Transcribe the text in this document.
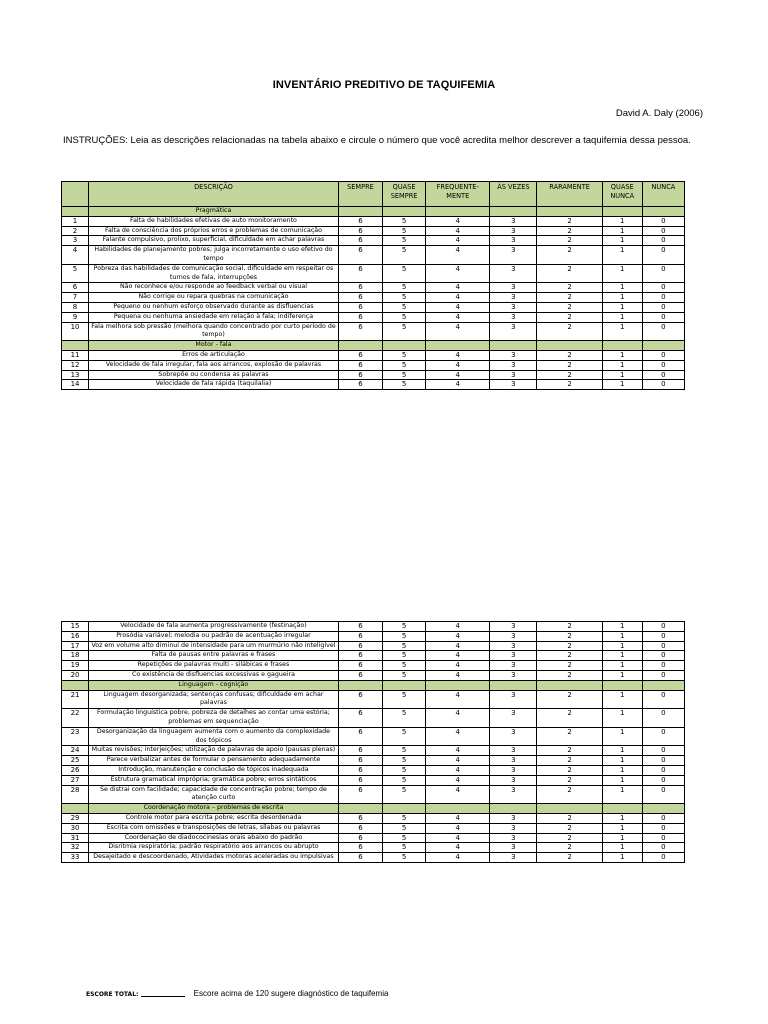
INVENTÁRIO PREDITIVO DE TAQUIFEMIA
David A. Daly (2006)
INSTRUÇÕES: Leia as descrições relacionadas na tabela abaixo e circule o número que você acredita melhor descrever a taquifemia dessa pessoa.
	DESCRIÇÃO	SEMPRE	QUASE SEMPRE	FREQUENTE-MENTE	ÀS VEZES	RARAMENTE	QUASE NUNCA	NUNCA
	Pragmática							
1	Falta de habilidades efetivas de auto monitoramento	6	5	4	3	2	1	0
2	Falta de consciência dos próprios erros e problemas de comunicação	6	5	4	3	2	1	0
3	Falante compulsivo, prolixo, superficial, dificuldade em achar palavras	6	5	4	3	2	1	0
4	Habilidades de planejamento pobres; julga incorretamente o uso efetivo do tempo	6	5	4	3	2	1	0
5	Pobreza das habilidades de comunicação social, dificuldade em respeitar os turnos de fala, interrupções	6	5	4	3	2	1	0
6	Não reconhece e/ou responde ao feedback verbal ou visual	6	5	4	3	2	1	0
7	Não corrige ou repara quebras na comunicação	6	5	4	3	2	1	0
8	Pequeno ou nenhum esforço observado durante as disfluencias	6	5	4	3	2	1	0
9	Pequena ou nenhuma ansiedade em relação à fala; indiferença	6	5	4	3	2	1	0
10	Fala melhora sob pressão (melhora quando concentrado por curto período de tempo)	6	5	4	3	2	1	0
	Motor - fala							
11	Erros de articulação	6	5	4	3	2	1	0
12	Velocidade de fala irregular, fala aos arrancos, explosão de palavras	6	5	4	3	2	1	0
13	Sobrepõe ou condensa as palavras	6	5	4	3	2	1	0
14	Velocidade de fala rápida (taquilalia)	6	5	4	3	2	1	0
15	Velocidade de fala aumenta progressivamente (festinação)	6	5	4	3	2	1	0
16	Prosódia variável; melodia ou padrão de acentuação irregular	6	5	4	3	2	1	0
17	Voz em volume alto diminui de intensidade para um murmúrio não inteligível	6	5	4	3	2	1	0
18	Falta de pausas entre palavras e frases	6	5	4	3	2	1	0
19	Repetições de palavras multi - silábicas e frases	6	5	4	3	2	1	0
20	Co existência de disfluencias excessivas e gagueira	6	5	4	3	2	1	0
	Linguagem - cognição							
21	Linguagem desorganizada; sentenças confusas; dificuldade em achar palavras	6	5	4	3	2	1	0
22	Formulação linguística pobre, pobreza de detalhes ao contar uma estória; problemas em sequenciação	6	5	4	3	2	1	0
23	Desorganização da linguagem aumenta com o aumento da complexidade dos tópicos	6	5	4	3	2	1	0
24	Muitas revisões; interjeições; utilização de palavras de apoio (pausas plenas)	6	5	4	3	2	1	0
25	Parece verbalizar antes de formular o pensamento adequadamente	6	5	4	3	2	1	0
26	Introdução, manutenção e conclusão de tópicos inadequada	6	5	4	3	2	1	0
27	Estrutura gramatical imprópria; gramática pobre; erros sintáticos	6	5	4	3	2	1	0
28	Se distrai com facilidade; capacidade de concentração pobre; tempo de atenção curto	6	5	4	3	2	1	0
	Coordenação motora – problemas de escrita							
29	Controle motor para escrita pobre; escrita desordenada	6	5	4	3	2	1	0
30	Escrita com omissões e transposições de letras, sílabas ou palavras	6	5	4	3	2	1	0
31	Coordenação de diadococinesias orais abaixo do padrão	6	5	4	3	2	1	0
32	Disritmia respiratória; padrão respiratório aos arrancos ou abrupto	6	5	4	3	2	1	0
33	Desajeitado e descoordenado, Atividades motoras aceleradas ou impulsivas	6	5	4	3	2	1	0
ESCORE TOTAL:	Escore acima de 120 sugere diagnóstico de taquifemia
